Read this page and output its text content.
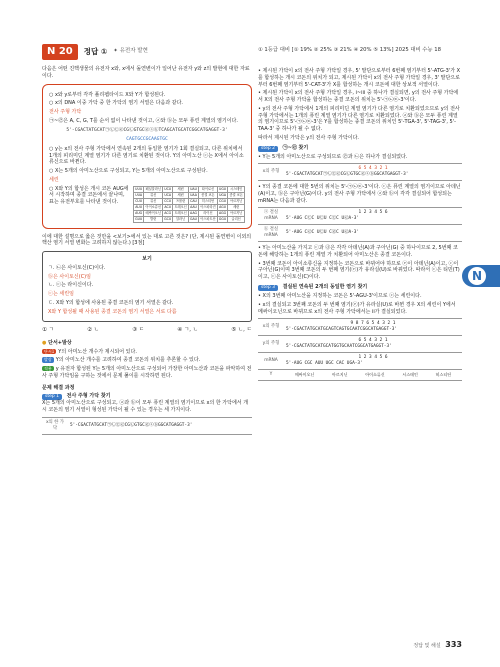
N 20	정답 ① ✦ 유전자 발현	① 1등급 대비 [① 19% ② 25% ③ 21% ④ 20% ⑤ 13%] 2025 대비 수능 18

다음은 어떤 진핵생물의 유전자 x와, x에서 돌연변이가 일어난 유전자 y와 z의 발현에 대한 자료이다.

○ x와 y로부터 각각 폴리펩타이드 X와 Y가 합성된다.
○ x의 DNA 이중 가닥 중 한 가닥의 염기 서열은 다음과 같다.
전사 주형 가닥
㉠~㉣은 A, C, G, T를 순서 없이 나타낸 것이고, ⓐ와 ⓑ는 모두 퓨린 계열의 염기이다.
5'-CGACTATGCAT㉠㉡㉢㉣CG㉡GTGC㉣ⓐⓑTCAGCATGCATCGGCATGAGGT-3'
CAGTGCCGCAAGTGC
○ y는 x의 전사 주형 가닥에서 연속된 2개의 동일한 염기가 1회 결실되고, 다른 위치에서 1개의 피리미딘 계열 염기가 다른 염기로 치환된 것이다. Y의 아미노산 ⓒ는 X에서 아이소류신으로 바뀐다.
○ X는 5개의 아미노산으로 구성되고, Y는 5개의 아미노산으로 구성된다.
세린
○ X와 Y의 합성은 개시 코돈 AUG에서 시작하며 종결 코돈에서 끝나며, 표는 유전부호를 나타낸 것이다.
UUU	페닐알라닌	UCU	세린	UAU	타이로신	UGU	시스테인
UUA	류신	UCA	세린	UAA	종결 코돈	UGA	종결 코돈
CUU	류신	CCU	프롤린	CAU	히스티딘	CGU	아르지닌
AUU	아이소류신	ACU	트레오닌	AAU	아스파라진	AGU	세린
AUG	메싸이오닌	ACG	트레오닌	AAG	라이신	AGG	아르지닌
GUU	발린	GCU	알라닌	GAU	아스파트산	GGU	글리신

이에 대한 설명으로 옳은 것만을 <보기>에서 있는 대로 고른 것은? (단, 제시된 돌연변이 이외의 핵산 염기 서열 변화는 고려하지 않는다.) [3점]

보기
ㄱ. ㉡은 사이토신(C)이다.
ⓑ은 사이토신(C)임
ㄴ. ⓒ는 라이신이다.
ⓒ는 세린임
ㄷ. X와 Y의 합성에 사용된 종결 코돈의 염기 서열은 같다.
X와 Y 합성될 때 사용된 종결 코돈의 염기 서열은 서로 다름
① ㄱ	② ㄴ	③ ㄷ	④ ㄱ, ㄴ	⑤ ㄴ, ㄷ
● 단서+발상
단서1 Y의 아미노산 개수가 제시되어 있다.
발상 Y의 아미노산 개수를 고려하여 종결 코돈의 위치를 추론할 수 있다.
적용 y 유전자 합성된 Y는 5개의 아미노산으로 구성되어 가장한 아미노산과 코돈을 파악하여 전사 주형 가닥임을 구하는 것에서 문제 풀이를 시작하면 된다.
문제 해결 과정
step 1 전사 주형 가닥 찾기

X는 5개의 아미노산으로 구성되고, ⓐ과 ⓑ이 모두 퓨린 계열의 염기이므로 x의 한 가닥에서 개시 코돈의 염기 서열이 형성된 가닥이 될 수 있는 경우는 세 가지이다.

x의 한 가닥	5'-CGACTATGCAT㉠㉡㉢㉣CG㉡GTGC㉣ⓐⓑGGCATGAGGT-3'
• 제시된 가닥이 x의 전사 주형 가닥일 경우, 5' 말단으로부터 6번째 염기부터 5'-ATG-3'가 X를 합성하는 개시 코돈의 위치가 되고, 제시된 가닥이 x의 전사 주형 가닥일 경우, 3' 말단으로부터 6번째 염기부터 5'-CAT-3'가 X를 합성하는 개시 코돈에 대한 상보적 서열이다.
• 제시된 가닥이 x의 전사 주형 가닥일 경우, i~iii 중 하나가 결실되면, y의 전사 주형 가닥에서 X의 전사 주형 가닥을 합성하는 종결 코돈의 위치는 5'-㉠㉡㉢-3'이다.
• y의 전사 주형 가닥에서 1개의 피리미딘 계열 염기가 다른 염기로 치환되었으므로 y의 전사 주형 가닥에서는 1개의 퓨린 계열 염기가 다른 염기로 치환되었다. ⓐ와 ⓑ은 모두 퓨린 계열의 염기이므로 5'-㉠㉡㉢-3'은 Y를 합성하는 종결 코돈의 위치인 5'-TGA-3', 5'-TAG-3', 5'-TAA-3' 중 하나가 될 수 없다.
따라서 제시된 가닥은 y의 전사 주형 가닥이다.
step 2 ㉠~㉣ 찾기
• Y는 5개의 아미노산으로 구성되므로 ㉣과 ㉡은 하나가 결실되었다.
x의 주형	
6 5 4 3 2 1
5'-CGACTATGCAT㉠㉡㉢㉣CG㉡GTGC㉣ⓐⓑGGCATGAGGT-3'
• Y의 종결 코돈에 대한 5번의 위치는 5'-㉠㉡㉢-3'이다. ⓒ은 퓨린 계열의 염기이므로 아데닌(A)이고, ⓑ은 구아닌(G)이다. y의 전사 주형 가닥에서 ⓐ와 ⓑ이 각각 결실되어 합성되는 mRNA는 다음과 같다.
ⓐ 결실 mRNA	1 2 3 4 5 6
5'-AUG C㉢C U㉢U C㉢C U㉣A-3'

ⓑ 결실 mRNA	5'-AUG C㉣C U㉢U C㉣C U㉣A-3'
• Y는 아미노산을 가지고 ⓒ과 ⓓ은 각각 아데닌(A)과 구아닌(G) 중 하나이므로 2, 5번째 코돈에 해당하는 1개의 퓨린 계열 가 치환되어 아미노산은 종결 코돈이다.
• 3번째 코돈이 아이소류신을 지정하는 코돈으로 바뀌어야 하므로 ⓔ이 아데닌(A)이고, ⓒ이 구아닌(G)이며 3번째 코돈의 두 번째 염기(ⓔ)가 유라실(U)로 바뀌었다. 따라서 ⓒ은 티민(T)이고, ⓒ은 사이토신(C)이다.
step 3 결실된 연속된 2개의 동일한 염기 찾기
• X의 3번째 아미노산을 지정하는 코돈은 5'-AGU-3'이므로 ⓒ는 세린이다.
• x의 결실되고 3번째 코돈의 두 번째 염기(ⓔ)가 유라실(U)로 바뀐 경우 X의 세린이 Y에서 메싸이오닌으로 바뀌므로 x의 전사 주형 가닥에서는 ii가 결실되었다.
x의 주형	9 8 7 6 5 4 3 2 1
5'-CGACTATGCATGCAGTCAGTGCAATCGGCATGAGGT-3'

y의 주형	6 5 4 3 2 1
5'-CGACTATGCATGCATGGTGCAATCGGCATGAGGT-3'

mRNA	1 2 3 4 5 6
5'-AUG CGC AUU UGC CAC UGA-3'

Y	메싸이오닌 아르지닌 아이소류신 시스테인 히스티딘
N
정답 및 해설 333
